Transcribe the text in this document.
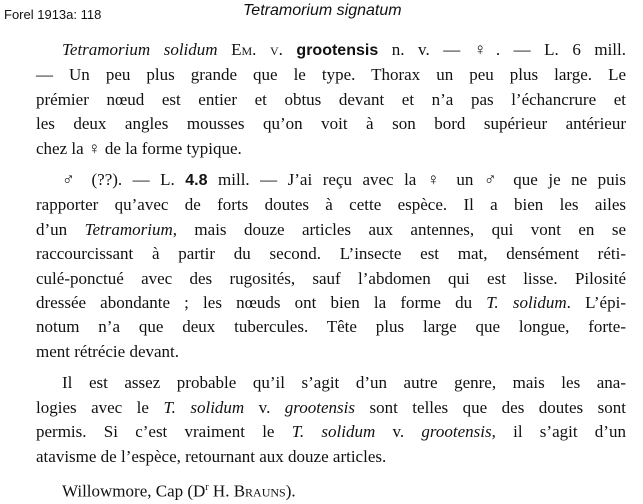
Forel 1913a: 118	Tetramorium signatum
Tetramorium solidum Em. v. grootensis n. v. — ♀. — L. 6 mill.
— Un peu plus grande que le type. Thorax un peu plus large. Le
prémier nœud est entier et obtus devant et n’a pas l’échancrure et
les deux angles mousses qu’on voit à son bord supérieur antérieur
chez la ♀ de la forme typique.
♂ (??). — L. 4.8 mill. — J’ai reçu avec la ♀ un ♂ que je ne puis
rapporter qu’avec de forts doutes à cette espèce. Il a bien les ailes
d’un Tetramorium, mais douze articles aux antennes, qui vont en se
raccourcissant à partir du second. L’insecte est mat, densément réti-
culé-ponctué avec des rugosités, sauf l’abdomen qui est lisse. Pilosité
dressée abondante ; les nœuds ont bien la forme du T. solidum. L’épi-
notum n’a que deux tubercules. Tête plus large que longue, forte-
ment rétrécie devant.
Il est assez probable qu’il s’agit d’un autre genre, mais les ana-
logies avec le T. solidum v. grootensis sont telles que des doutes sont
permis. Si c’est vraiment le T. solidum v. grootensis, il s’agit d’un
atavisme de l’espèce, retournant aux douze articles.
Willowmore, Cap ($D^r$ H. Brauns).
